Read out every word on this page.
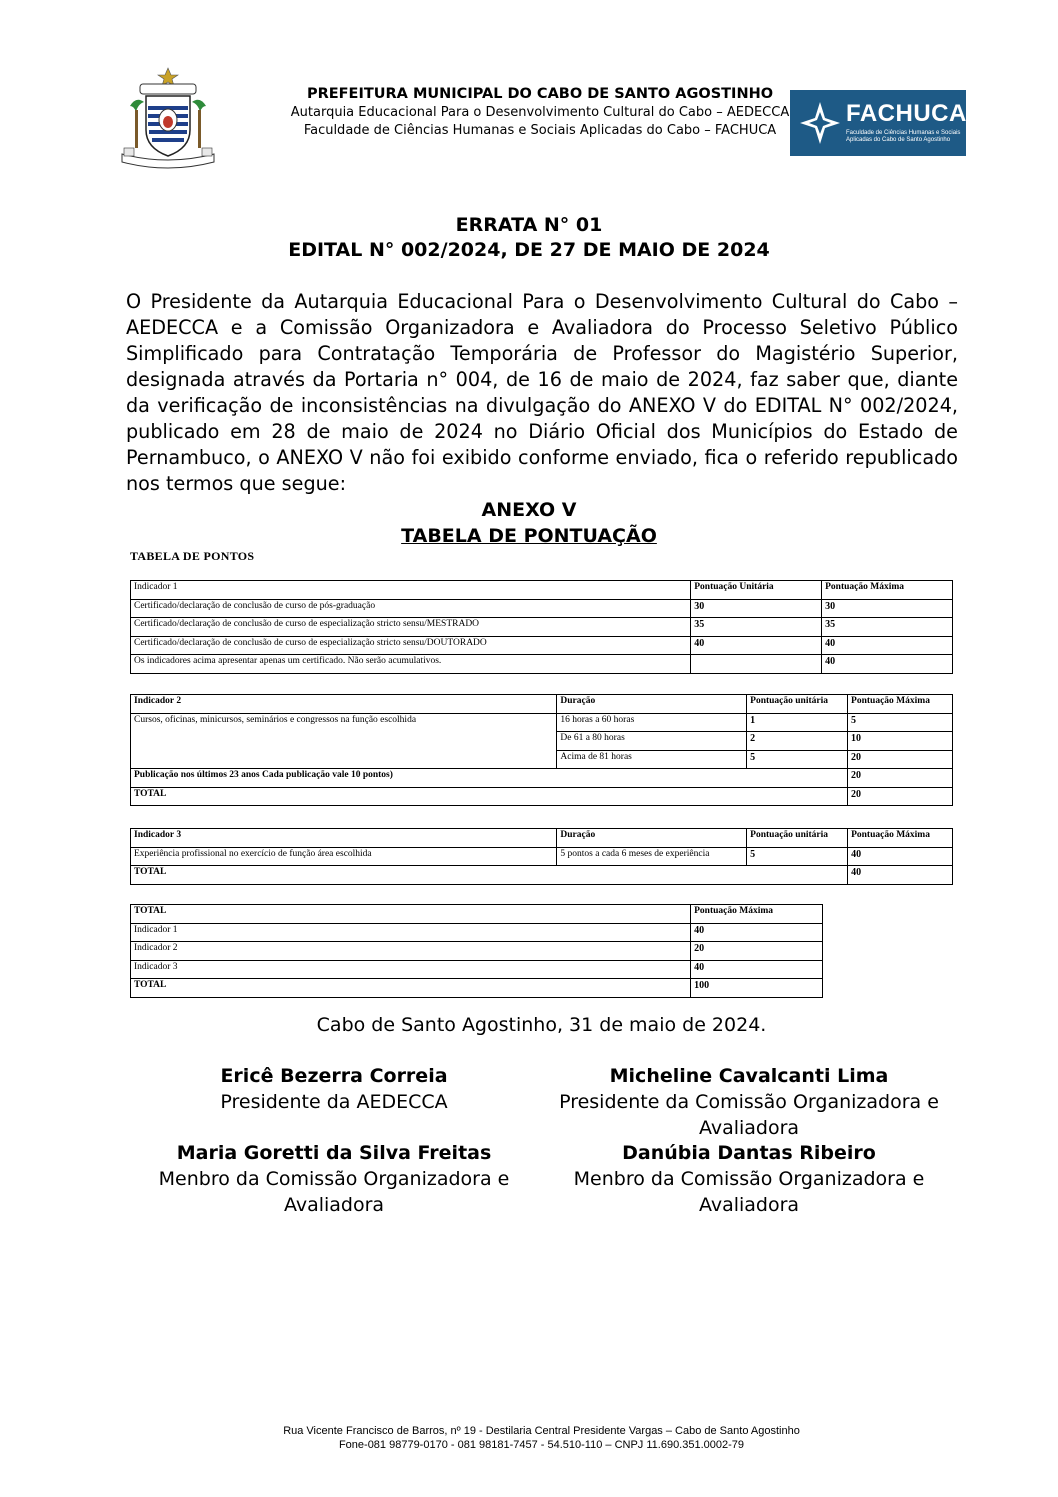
PREFEITURA MUNICIPAL DO CABO DE SANTO AGOSTINHO
Autarquia Educacional Para o Desenvolvimento Cultural do Cabo – AEDECCA
Faculdade de Ciências Humanas e Sociais Aplicadas do Cabo – FACHUCA
FACHUCA
Faculdade de Ciências Humanas e Sociais Aplicadas do Cabo de Santo Agostinho
ERRATA N° 01
EDITAL N° 002/2024, DE 27 DE MAIO DE 2024
O Presidente da Autarquia Educacional Para o Desenvolvimento Cultural do Cabo – AEDECCA e a Comissão Organizadora e Avaliadora do Processo Seletivo Público Simplificado para Contratação Temporária de Professor do Magistério Superior, designada através da Portaria n° 004, de 16 de maio de 2024, faz saber que, diante da verificação de inconsistências na divulgação do ANEXO V do EDITAL N° 002/2024, publicado em 28 de maio de 2024 no Diário Oficial dos Municípios do Estado de Pernambuco, o ANEXO V não foi exibido conforme enviado, fica o referido republicado nos termos que segue:
ANEXO V
TABELA DE PONTUAÇÃO
TABELA DE PONTOS
Indicador 1	Pontuação Unitária	Pontuação Máxima
Certificado/declaração de conclusão de curso de pós-graduação	30	30
Certificado/declaração de conclusão de curso de especialização stricto sensu/MESTRADO	35	35
Certificado/declaração de conclusão de curso de especialização stricto sensu/DOUTORADO	40	40
Os indicadores acima apresentar apenas um certificado. Não serão acumulativos.		40
Indicador 2	Duração	Pontuação unitária	Pontuação Máxima
Cursos, oficinas, minicursos, seminários e congressos na função escolhida	16 horas a 60 horas	1	5
	De 61 a 80 horas	2	10
	Acima de 81 horas	5	20
Publicação nos últimos 23 anos Cada publicação vale 10 pontos)			20
TOTAL			20
Indicador 3	Duração	Pontuação unitária	Pontuação Máxima
Experiência profissional no exercício de função área escolhida	5 pontos a cada 6 meses de experiência	5	40
TOTAL			40
TOTAL	Pontuação Máxima
Indicador 1	40
Indicador 2	20
Indicador 3	40
TOTAL	100
Cabo de Santo Agostinho, 31 de maio de 2024.
Ericê Bezerra Correia
Presidente da AEDECCA
Micheline Cavalcanti Lima
Presidente da Comissão Organizadora e Avaliadora
Maria Goretti da Silva Freitas
Menbro da Comissão Organizadora e Avaliadora
Danúbia Dantas Ribeiro
Menbro da Comissão Organizadora e Avaliadora
Rua Vicente Francisco de Barros, nº 19 - Destilaria Central Presidente Vargas – Cabo de Santo Agostinho
Fone-081 98779-0170 - 081 98181-7457 - 54.510-110 – CNPJ 11.690.351.0002-79
